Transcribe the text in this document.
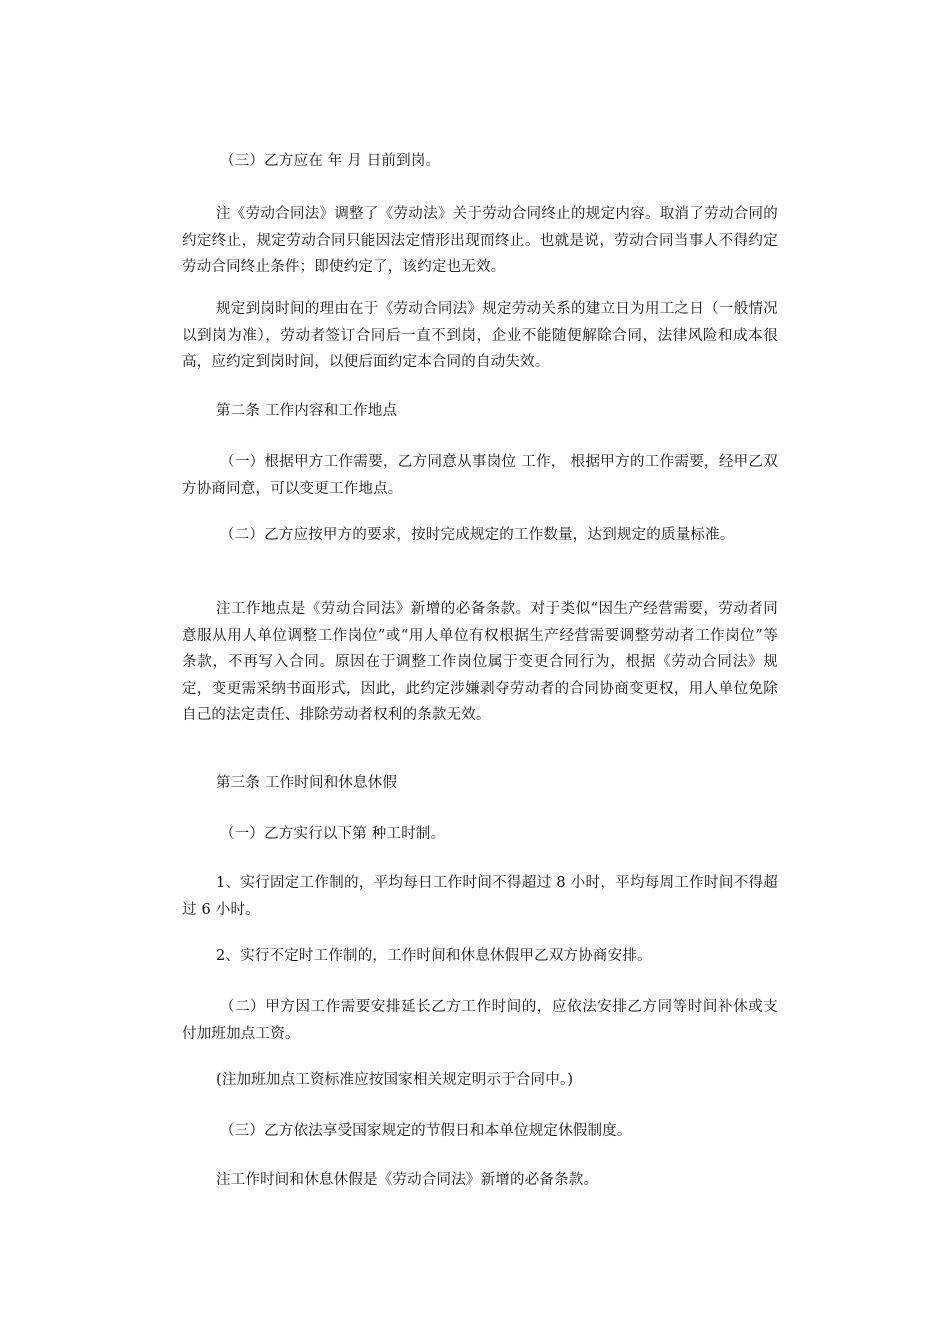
（三）乙方应在 年 月 日前到岗。

注《劳动合同法》调整了《劳动法》关于劳动合同终止的规定内容。取消了劳动合同的约定终止，规定劳动合同只能因法定情形出现而终止。也就是说，劳动合同当事人不得约定劳动合同终止条件；即使约定了，该约定也无效。

规定到岗时间的理由在于《劳动合同法》规定劳动关系的建立日为用工之日（一般情况以到岗为准），劳动者签订合同后一直不到岗，企业不能随便解除合同，法律风险和成本很高，应约定到岗时间，以便后面约定本合同的自动失效。

第二条 工作内容和工作地点

（一）根据甲方工作需要，乙方同意从事岗位 工作， 根据甲方的工作需要，经甲乙双方协商同意，可以变更工作地点。

（二）乙方应按甲方的要求，按时完成规定的工作数量，达到规定的质量标准。

注工作地点是《劳动合同法》新增的必备条款。对于类似“因生产经营需要，劳动者同意服从用人单位调整工作岗位”或“用人单位有权根据生产经营需要调整劳动者工作岗位”等条款，不再写入合同。原因在于调整工作岗位属于变更合同行为，根据《劳动合同法》规定，变更需采纳书面形式，因此，此约定涉嫌剥夺劳动者的合同协商变更权，用人单位免除自己的法定责任、排除劳动者权利的条款无效。

第三条 工作时间和休息休假

（一）乙方实行以下第 种工时制。

1、实行固定工作制的，平均每日工作时间不得超过 8 小时，平均每周工作时间不得超过 6 小时。

2、实行不定时工作制的，工作时间和休息休假甲乙双方协商安排。

（二）甲方因工作需要安排延长乙方工作时间的，应依法安排乙方同等时间补休或支付加班加点工资。

(注加班加点工资标准应按国家相关规定明示于合同中。)

（三）乙方依法享受国家规定的节假日和本单位规定休假制度。

注工作时间和休息休假是《劳动合同法》新增的必备条款。
